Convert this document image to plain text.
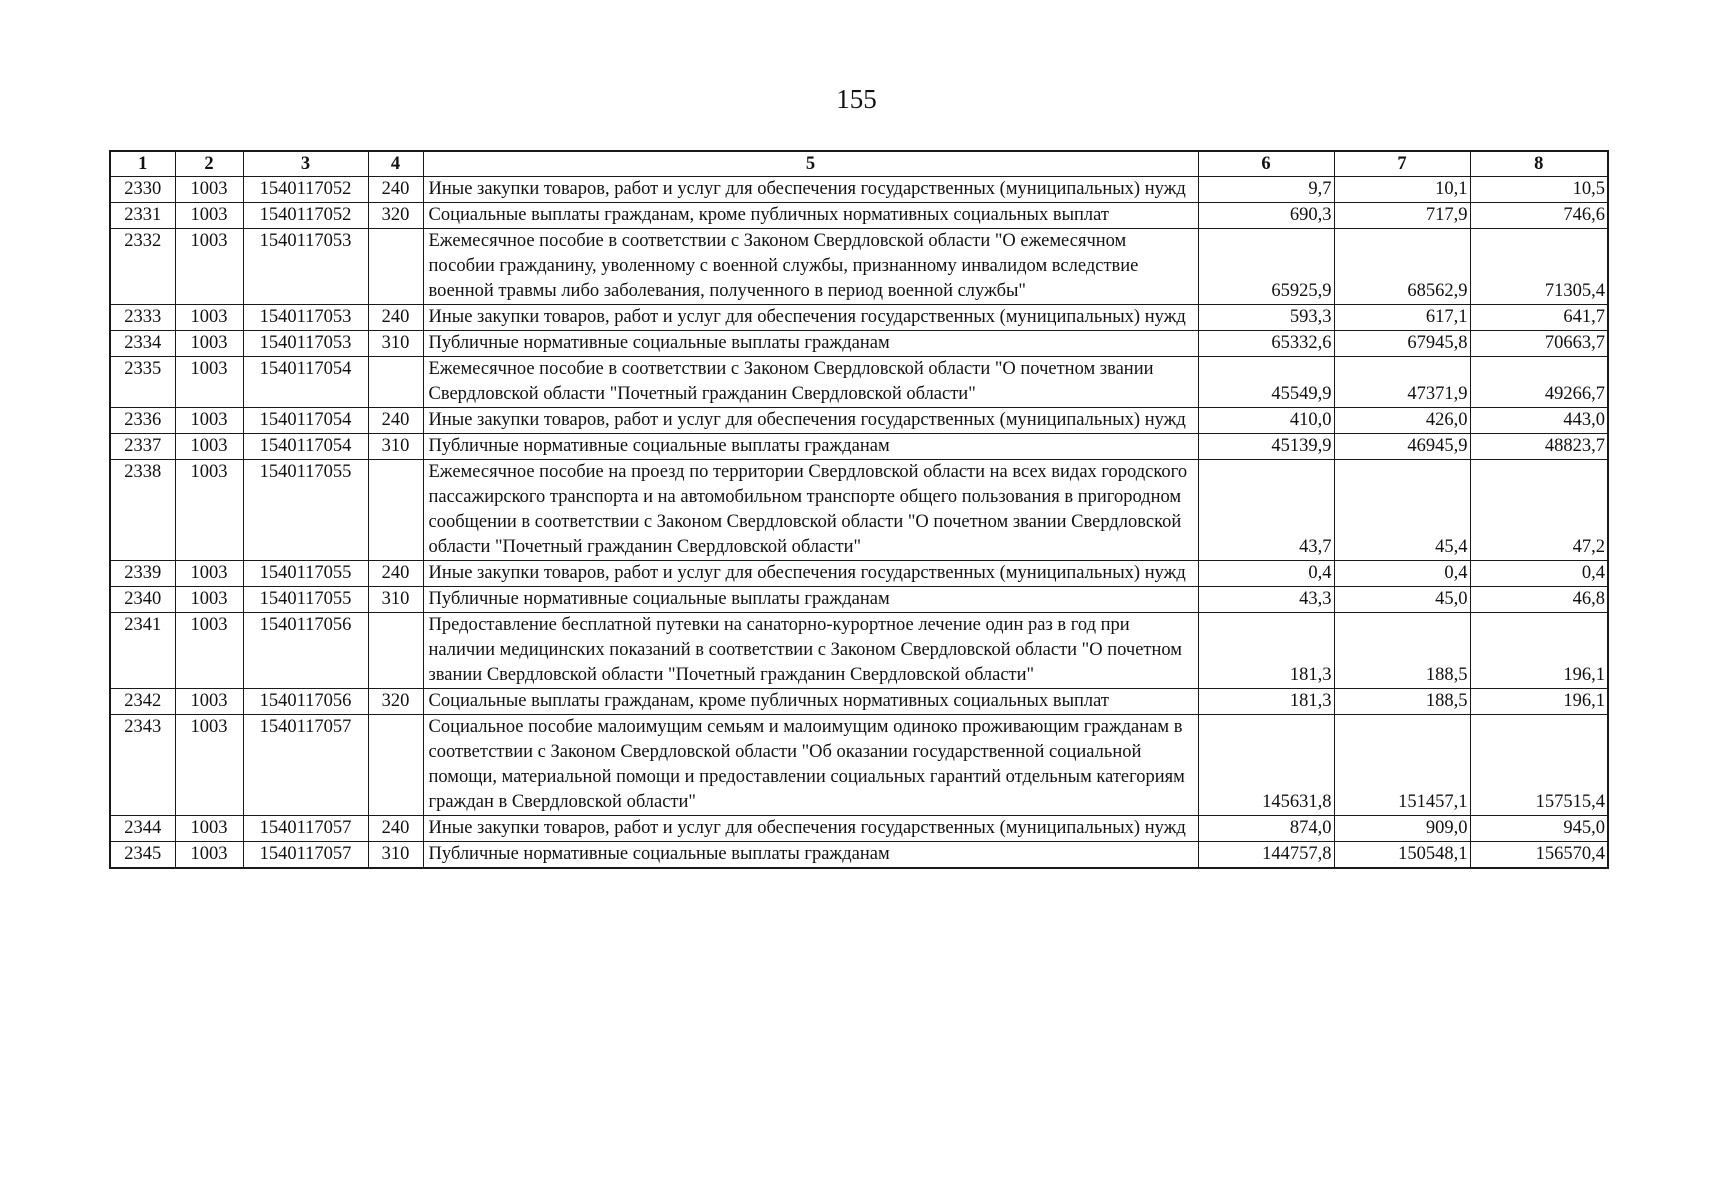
155
1	2	3	4	5	6	7	8
2330	1003	1540117052	240	Иные закупки товаров, работ и услуг для обеспечения государственных (муниципальных) нужд	9,7	10,1	10,5
2331	1003	1540117052	320	Социальные выплаты гражданам, кроме публичных нормативных социальных выплат	690,3	717,9	746,6
2332	1003	1540117053		Ежемесячное пособие в соответствии с Законом Свердловской области "О ежемесячном пособии гражданину, уволенному с военной службы, признанному инвалидом вследствие военной травмы либо заболевания, полученного в период военной службы"	65925,9	68562,9	71305,4
2333	1003	1540117053	240	Иные закупки товаров, работ и услуг для обеспечения государственных (муниципальных) нужд	593,3	617,1	641,7
2334	1003	1540117053	310	Публичные нормативные социальные выплаты гражданам	65332,6	67945,8	70663,7
2335	1003	1540117054		Ежемесячное пособие в соответствии с Законом Свердловской области "О почетном звании Свердловской области "Почетный гражданин Свердловской области"	45549,9	47371,9	49266,7
2336	1003	1540117054	240	Иные закупки товаров, работ и услуг для обеспечения государственных (муниципальных) нужд	410,0	426,0	443,0
2337	1003	1540117054	310	Публичные нормативные социальные выплаты гражданам	45139,9	46945,9	48823,7
2338	1003	1540117055		Ежемесячное пособие на проезд по территории Свердловской области на всех видах городского пассажирского транспорта и на автомобильном транспорте общего пользования в пригородном сообщении в соответствии с Законом Свердловской области "О почетном звании Свердловской области "Почетный гражданин Свердловской области"	43,7	45,4	47,2
2339	1003	1540117055	240	Иные закупки товаров, работ и услуг для обеспечения государственных (муниципальных) нужд	0,4	0,4	0,4
2340	1003	1540117055	310	Публичные нормативные социальные выплаты гражданам	43,3	45,0	46,8
2341	1003	1540117056		Предоставление бесплатной путевки на санаторно-курортное лечение один раз в год при наличии медицинских показаний в соответствии с Законом Свердловской области "О почетном звании Свердловской области "Почетный гражданин Свердловской области"	181,3	188,5	196,1
2342	1003	1540117056	320	Социальные выплаты гражданам, кроме публичных нормативных социальных выплат	181,3	188,5	196,1
2343	1003	1540117057		Социальное пособие малоимущим семьям и малоимущим одиноко проживающим гражданам в соответствии с Законом Свердловской области "Об оказании государственной социальной помощи, материальной помощи и предоставлении социальных гарантий отдельным категориям граждан в Свердловской области"	145631,8	151457,1	157515,4
2344	1003	1540117057	240	Иные закупки товаров, работ и услуг для обеспечения государственных (муниципальных) нужд	874,0	909,0	945,0
2345	1003	1540117057	310	Публичные нормативные социальные выплаты гражданам	144757,8	150548,1	156570,4
